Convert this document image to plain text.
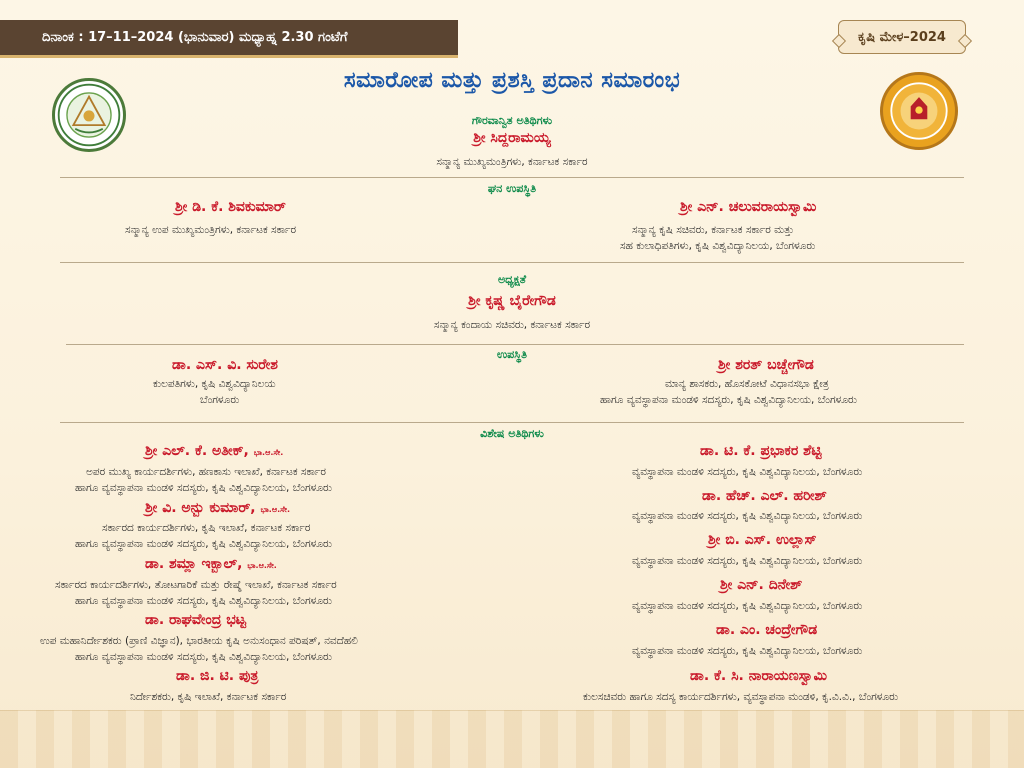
ದಿನಾಂಕ : 17–11–2024 (ಭಾನುವಾರ) ಮಧ್ಯಾಹ್ನ 2.30 ಗಂಟೆಗೆ	ಕೃಷಿ ಮೇಳ–2024
ಸಮಾರೋಪ ಮತ್ತು ಪ್ರಶಸ್ತಿ ಪ್ರದಾನ ಸಮಾರಂಭ
ಗೌರವಾನ್ವಿತ ಅತಿಥಿಗಳು
ಶ್ರೀ ಸಿದ್ದರಾಮಯ್ಯ
ಸನ್ಮಾನ್ಯ ಮುಖ್ಯಮಂತ್ರಿಗಳು, ಕರ್ನಾಟಕ ಸರ್ಕಾರ
ಘನ ಉಪಸ್ಥಿತಿ
ಶ್ರೀ ಡಿ. ಕೆ. ಶಿವಕುಮಾರ್
ಸನ್ಮಾನ್ಯ ಉಪ ಮುಖ್ಯಮಂತ್ರಿಗಳು, ಕರ್ನಾಟಕ ಸರ್ಕಾರ
ಶ್ರೀ ಎನ್. ಚಲುವರಾಯಸ್ವಾಮಿ
ಸನ್ಮಾನ್ಯ ಕೃಷಿ ಸಚಿವರು, ಕರ್ನಾಟಕ ಸರ್ಕಾರ ಮತ್ತು
ಸಹ ಕುಲಾಧಿಪತಿಗಳು, ಕೃಷಿ ವಿಶ್ವವಿದ್ಯಾನಿಲಯ, ಬೆಂಗಳೂರು
ಅಧ್ಯಕ್ಷತೆ
ಶ್ರೀ ಕೃಷ್ಣ ಬೈರೇಗೌಡ
ಸನ್ಮಾನ್ಯ ಕಂದಾಯ ಸಚಿವರು, ಕರ್ನಾಟಕ ಸರ್ಕಾರ
ಉಪಸ್ಥಿತಿ
ಡಾ. ಎಸ್. ವಿ. ಸುರೇಶ
ಕುಲಪತಿಗಳು, ಕೃಷಿ ವಿಶ್ವವಿದ್ಯಾನಿಲಯ
ಬೆಂಗಳೂರು
ಶ್ರೀ ಶರತ್ ಬಚ್ಚೇಗೌಡ
ಮಾನ್ಯ ಶಾಸಕರು, ಹೊಸಕೋಟೆ ವಿಧಾನಸಭಾ ಕ್ಷೇತ್ರ
ಹಾಗೂ ವ್ಯವಸ್ಥಾಪನಾ ಮಂಡಳಿ ಸದಸ್ಯರು, ಕೃಷಿ ವಿಶ್ವವಿದ್ಯಾನಿಲಯ, ಬೆಂಗಳೂರು
ವಿಶೇಷ ಅತಿಥಿಗಳು
ಶ್ರೀ ಎಲ್. ಕೆ. ಅತೀಕ್, ಭಾ.ಆ.ಸೇ.
ಅಪರ ಮುಖ್ಯ ಕಾರ್ಯದರ್ಶಿಗಳು, ಹಣಕಾಸು ಇಲಾಖೆ, ಕರ್ನಾಟಕ ಸರ್ಕಾರ
ಹಾಗೂ ವ್ಯವಸ್ಥಾಪನಾ ಮಂಡಳಿ ಸದಸ್ಯರು, ಕೃಷಿ ವಿಶ್ವವಿದ್ಯಾನಿಲಯ, ಬೆಂಗಳೂರು
ಶ್ರೀ ವಿ. ಅನ್ಬು ಕುಮಾರ್, ಭಾ.ಆ.ಸೇ.
ಸರ್ಕಾರದ ಕಾರ್ಯದರ್ಶಿಗಳು, ಕೃಷಿ ಇಲಾಖೆ, ಕರ್ನಾಟಕ ಸರ್ಕಾರ
ಹಾಗೂ ವ್ಯವಸ್ಥಾಪನಾ ಮಂಡಳಿ ಸದಸ್ಯರು, ಕೃಷಿ ವಿಶ್ವವಿದ್ಯಾನಿಲಯ, ಬೆಂಗಳೂರು
ಡಾ. ಶಮ್ಲಾ ಇಕ್ಬಾಲ್, ಭಾ.ಆ.ಸೇ.
ಸರ್ಕಾರದ ಕಾರ್ಯದರ್ಶಿಗಳು, ತೋಟಗಾರಿಕೆ ಮತ್ತು ರೇಷ್ಮೆ ಇಲಾಖೆ, ಕರ್ನಾಟಕ ಸರ್ಕಾರ
ಹಾಗೂ ವ್ಯವಸ್ಥಾಪನಾ ಮಂಡಳಿ ಸದಸ್ಯರು, ಕೃಷಿ ವಿಶ್ವವಿದ್ಯಾನಿಲಯ, ಬೆಂಗಳೂರು
ಡಾ. ರಾಘವೇಂದ್ರ ಭಟ್ಟ
ಉಪ ಮಹಾನಿರ್ದೇಶಕರು (ಪ್ರಾಣಿ ವಿಜ್ಞಾನ), ಭಾರತೀಯ ಕೃಷಿ ಅನುಸಂಧಾನ ಪರಿಷತ್, ನವದೆಹಲಿ
ಹಾಗೂ ವ್ಯವಸ್ಥಾಪನಾ ಮಂಡಳಿ ಸದಸ್ಯರು, ಕೃಷಿ ವಿಶ್ವವಿದ್ಯಾನಿಲಯ, ಬೆಂಗಳೂರು
ಡಾ. ಜಿ. ಟಿ. ಪುತ್ರ
ನಿರ್ದೇಶಕರು, ಕೃಷಿ ಇಲಾಖೆ, ಕರ್ನಾಟಕ ಸರ್ಕಾರ
ಡಾ. ಟಿ. ಕೆ. ಪ್ರಭಾಕರ ಶೆಟ್ಟಿ
ವ್ಯವಸ್ಥಾಪನಾ ಮಂಡಳಿ ಸದಸ್ಯರು, ಕೃಷಿ ವಿಶ್ವವಿದ್ಯಾನಿಲಯ, ಬೆಂಗಳೂರು
ಡಾ. ಹೆಚ್. ಎಲ್. ಹರೀಶ್
ವ್ಯವಸ್ಥಾಪನಾ ಮಂಡಳಿ ಸದಸ್ಯರು, ಕೃಷಿ ವಿಶ್ವವಿದ್ಯಾನಿಲಯ, ಬೆಂಗಳೂರು
ಶ್ರೀ ಬಿ. ಎಸ್. ಉಲ್ಲಾಸ್
ವ್ಯವಸ್ಥಾಪನಾ ಮಂಡಳಿ ಸದಸ್ಯರು, ಕೃಷಿ ವಿಶ್ವವಿದ್ಯಾನಿಲಯ, ಬೆಂಗಳೂರು
ಶ್ರೀ ಎನ್. ದಿನೇಶ್
ವ್ಯವಸ್ಥಾಪನಾ ಮಂಡಳಿ ಸದಸ್ಯರು, ಕೃಷಿ ವಿಶ್ವವಿದ್ಯಾನಿಲಯ, ಬೆಂಗಳೂರು
ಡಾ. ಎಂ. ಚಂದ್ರೇಗೌಡ
ವ್ಯವಸ್ಥಾಪನಾ ಮಂಡಳಿ ಸದಸ್ಯರು, ಕೃಷಿ ವಿಶ್ವವಿದ್ಯಾನಿಲಯ, ಬೆಂಗಳೂರು
ಡಾ. ಕೆ. ಸಿ. ನಾರಾಯಣಸ್ವಾಮಿ
ಕುಲಸಚಿವರು ಹಾಗೂ ಸದಸ್ಯ ಕಾರ್ಯದರ್ಶಿಗಳು, ವ್ಯವಸ್ಥಾಪನಾ ಮಂಡಳಿ, ಕೃ.ವಿ.ವಿ., ಬೆಂಗಳೂರು
